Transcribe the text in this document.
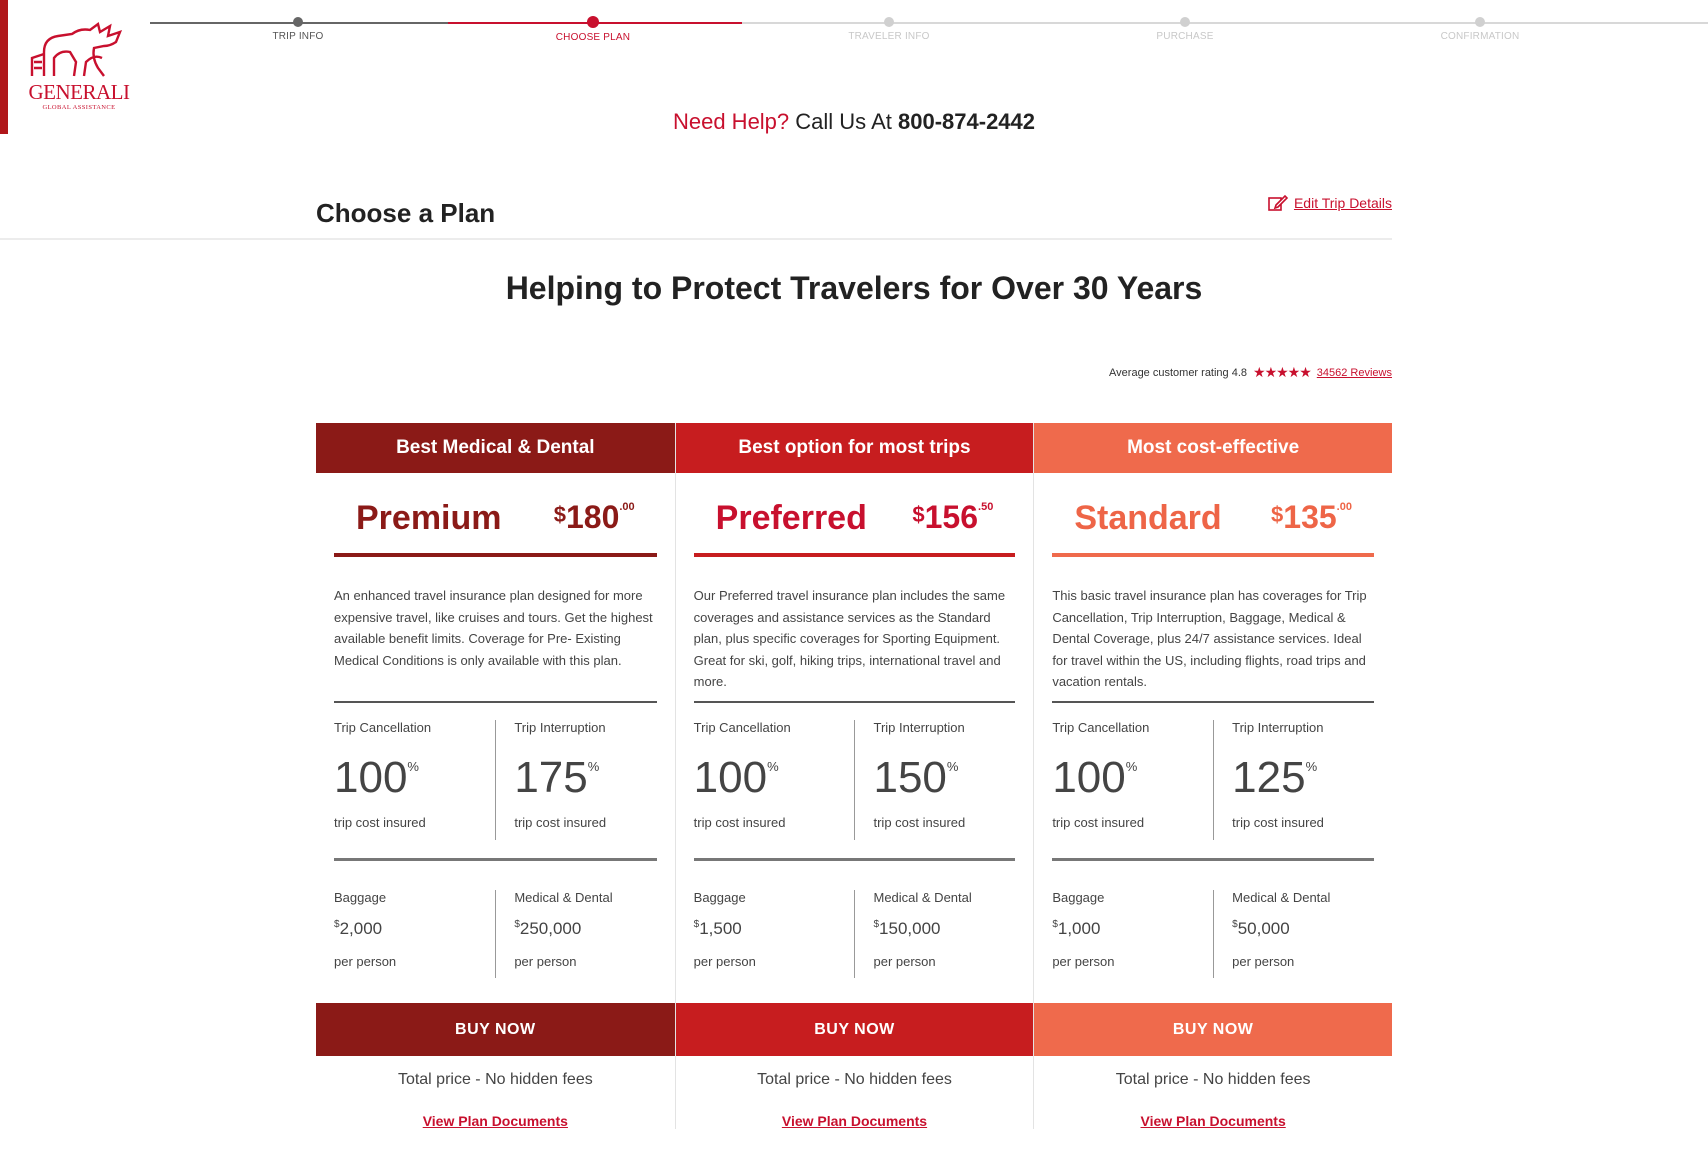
GENERALI
GLOBAL ASSISTANCE
TRIP INFO	CHOOSE PLAN	TRAVELER INFO	PURCHASE	CONFIRMATION
Need Help? Call Us At 800-874-2442
Choose a Plan	Edit Trip Details
Helping to Protect Travelers for Over 30 Years
Average customer rating 4.8 ★★★★★ 34562 Reviews
Best Medical & Dental
Premium $^{\$}180^{.00}$
An enhanced travel insurance plan designed for more expensive travel, like cruises and tours. Get the highest available benefit limits. Coverage for Pre- Existing Medical Conditions is only available with this plan.
Trip Cancellation
100%
trip cost insured
Trip Interruption
175%
trip cost insured
Baggage
$2,000
per person
Medical & Dental
$250,000
per person
BUY NOW
Total price - No hidden fees
View Plan Documents
Best option for most trips
Preferred $^{\$}156^{.50}$
Our Preferred travel insurance plan includes the same coverages and assistance services as the Standard plan, plus specific coverages for Sporting Equipment. Great for ski, golf, hiking trips, international travel and more.
Trip Cancellation
100%
trip cost insured
Trip Interruption
150%
trip cost insured
Baggage
$1,500
per person
Medical & Dental
$150,000
per person
BUY NOW
Total price - No hidden fees
View Plan Documents
Most cost-effective
Standard $^{\$}135^{.00}$
This basic travel insurance plan has coverages for Trip Cancellation, Trip Interruption, Baggage, Medical & Dental Coverage, plus 24/7 assistance services. Ideal for travel within the US, including flights, road trips and vacation rentals.
Trip Cancellation
100%
trip cost insured
Trip Interruption
125%
trip cost insured
Baggage
$1,000
per person
Medical & Dental
$50,000
per person
BUY NOW
Total price - No hidden fees
View Plan Documents
